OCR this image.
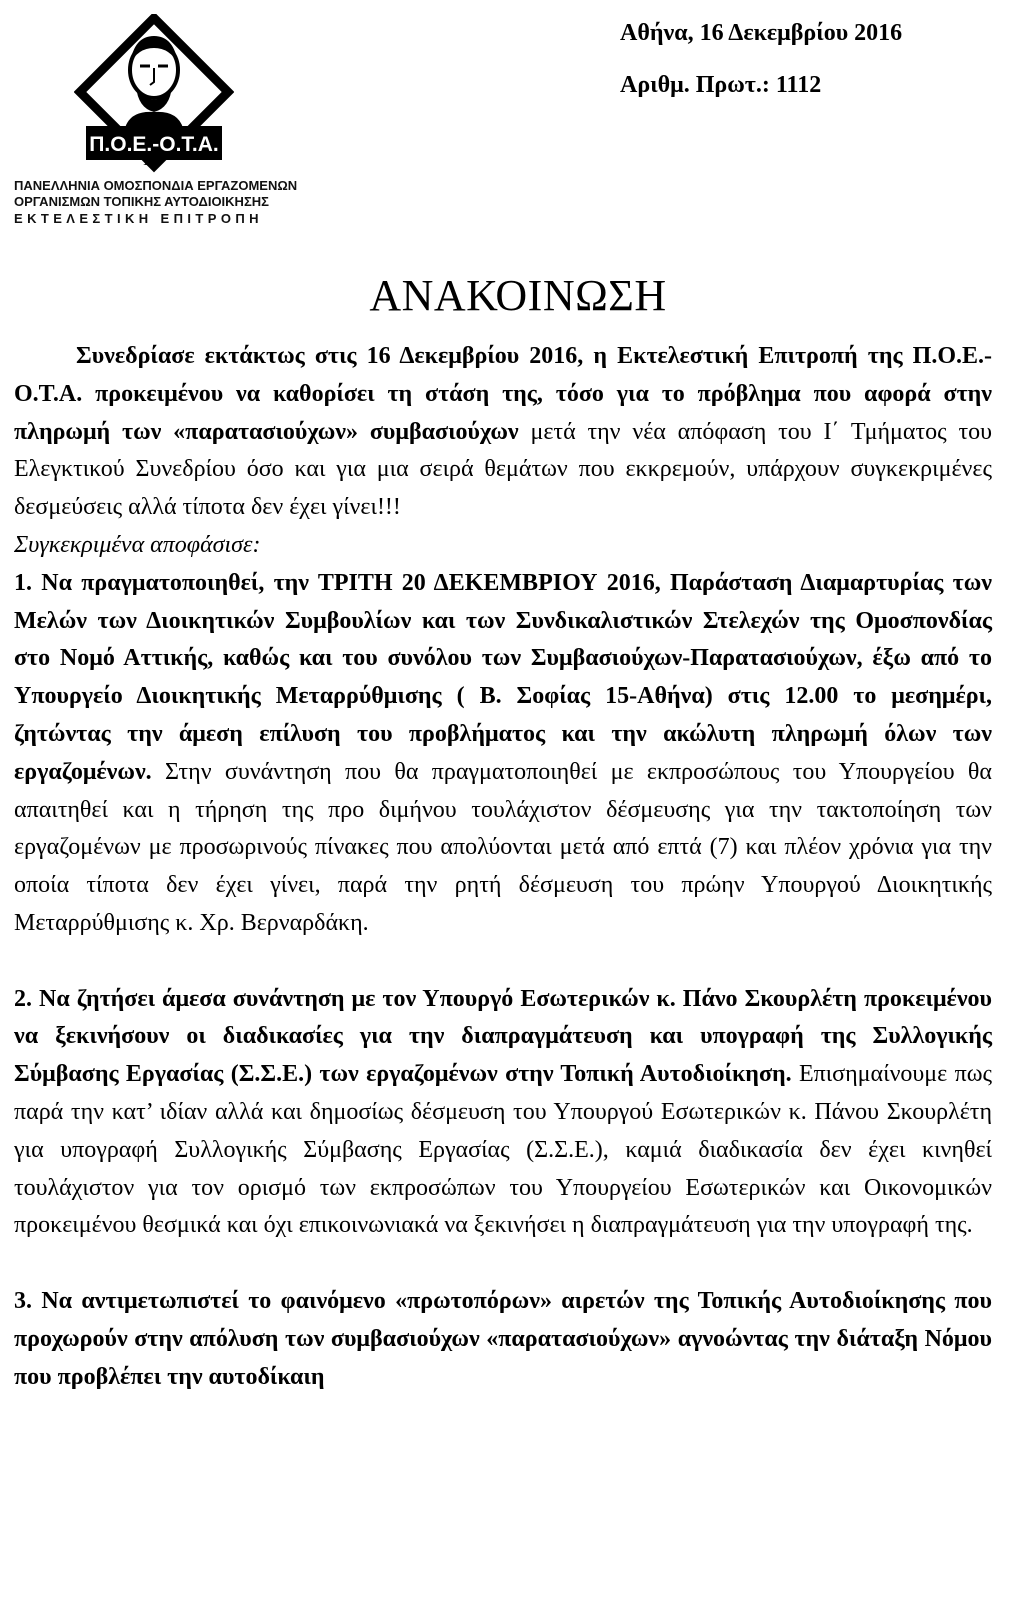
Π.Ο.Ε.-Ο.Τ.Α.
1950
ΠΑΝΕΛΛΗΝΙΑ ΟΜΟΣΠΟΝΔΙΑ ΕΡΓΑΖΟΜΕΝΩΝ
ΟΡΓΑΝΙΣΜΩΝ ΤΟΠΙΚΗΣ ΑΥΤΟΔΙΟΙΚΗΣΗΣ
ΕΚΤΕΛΕΣΤΙΚΗ ΕΠΙΤΡΟΠΗ
Αθήνα, 16 Δεκεμβρίου 2016
Αριθμ. Πρωτ.: 1112
ΑΝΑΚΟΙΝΩΣΗ

Συνεδρίασε εκτάκτως στις 16 Δεκεμβρίου 2016, η Εκτελεστική Επιτροπή της Π.Ο.Ε.-Ο.Τ.Α. προκειμένου να καθορίσει τη στάση της, τόσο για το πρόβλημα που αφορά στην πληρωμή των «παρατασιούχων» συμβασιούχων μετά την νέα απόφαση του Ι΄ Τμήματος του Ελεγκτικού Συνεδρίου όσο και για μια σειρά θεμάτων που εκκρεμούν, υπάρχουν συγκεκριμένες δεσμεύσεις αλλά τίποτα δεν έχει γίνει!!!

Συγκεκριμένα αποφάσισε:

1. Να πραγματοποιηθεί, την ΤΡΙΤΗ 20 ΔΕΚΕΜΒΡΙΟΥ 2016, Παράσταση Διαμαρτυρίας των Μελών των Διοικητικών Συμβουλίων και των Συνδικαλιστικών Στελεχών της Ομοσπονδίας στο Νομό Αττικής, καθώς και του συνόλου των Συμβασιούχων-Παρατασιούχων, έξω από το Υπουργείο Διοικητικής Μεταρρύθμισης ( Β. Σοφίας 15-Αθήνα) στις 12.00 το μεσημέρι, ζητώντας την άμεση επίλυση του προβλήματος και την ακώλυτη πληρωμή όλων των εργαζομένων. Στην συνάντηση που θα πραγματοποιηθεί με εκπροσώπους του Υπουργείου θα απαιτηθεί και η τήρηση της προ διμήνου τουλάχιστον δέσμευσης για την τακτοποίηση των εργαζομένων με προσωρινούς πίνακες που απολύονται μετά από επτά (7) και πλέον χρόνια για την οποία τίποτα δεν έχει γίνει, παρά την ρητή δέσμευση του πρώην Υπουργού Διοικητικής Μεταρρύθμισης κ. Χρ. Βερναρδάκη.

2. Να ζητήσει άμεσα συνάντηση με τον Υπουργό Εσωτερικών κ. Πάνο Σκουρλέτη προκειμένου να ξεκινήσουν οι διαδικασίες για την διαπραγμάτευση και υπογραφή της Συλλογικής Σύμβασης Εργασίας (Σ.Σ.Ε.) των εργαζομένων στην Τοπική Αυτοδιοίκηση. Επισημαίνουμε πως παρά την κατ’ ιδίαν αλλά και δημοσίως δέσμευση του Υπουργού Εσωτερικών κ. Πάνου Σκουρλέτη για υπογραφή Συλλογικής Σύμβασης Εργασίας (Σ.Σ.Ε.), καμιά διαδικασία δεν έχει κινηθεί τουλάχιστον για τον ορισμό των εκπροσώπων του Υπουργείου Εσωτερικών και Οικονομικών προκειμένου θεσμικά και όχι επικοινωνιακά να ξεκινήσει η διαπραγμάτευση για την υπογραφή της.

3. Να αντιμετωπιστεί το φαινόμενο «πρωτοπόρων» αιρετών της Τοπικής Αυτοδιοίκησης που προχωρούν στην απόλυση των συμβασιούχων «παρατασιούχων» αγνοώντας την διάταξη Νόμου που προβλέπει την αυτοδίκαιη
